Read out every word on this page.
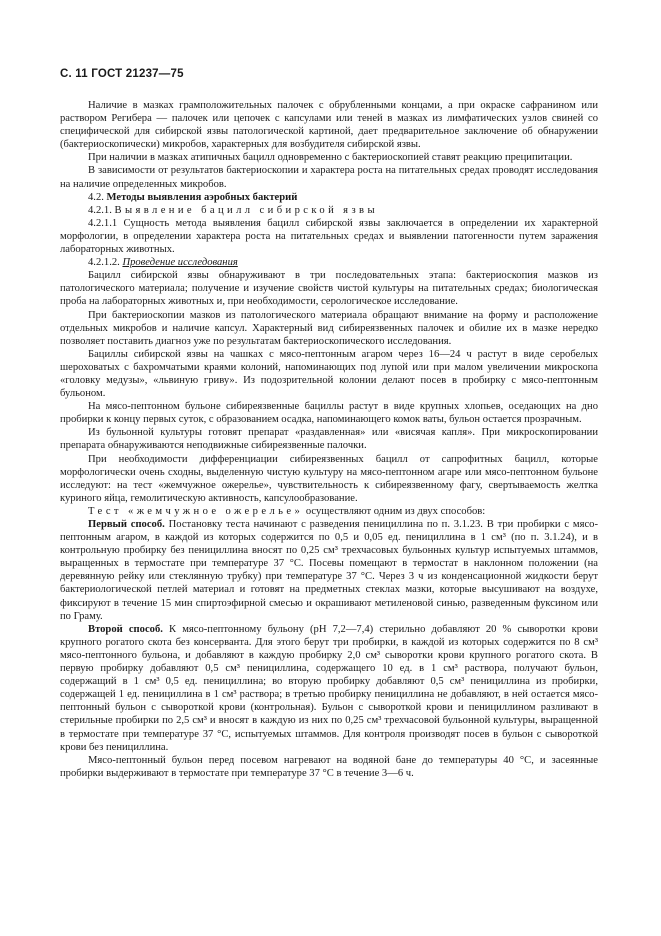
С. 11 ГОСТ 21237—75

Наличие в мазках грамположительных палочек с обрубленными концами, а при окраске сафранином или раствором Регибера — палочек или цепочек с капсулами или теней в мазках из лимфатических узлов свиней со специфической для сибирской язвы патологической картиной, дает предварительное заключение об обнаружении (бактериоскопически) микробов, характерных для возбудителя сибирской язвы.

При наличии в мазках атипичных бацилл одновременно с бактериоскопией ставят реакцию преципитации.

В зависимости от результатов бактериоскопии и характера роста на питательных средах проводят исследования на наличие определенных микробов.

4.2. Методы выявления аэробных бактерий

4.2.1. Выявление бацилл сибирской язвы

4.2.1.1 Сущность метода выявления бацилл сибирской язвы заключается в определении их характерной морфологии, в определении характера роста на питательных средах и выявлении патогенности путем заражения лабораторных животных.

4.2.1.2. Проведение исследования

Бацилл сибирской язвы обнаруживают в три последовательных этапа: бактериоскопия мазков из патологического материала; получение и изучение свойств чистой культуры на питательных средах; биологическая проба на лабораторных животных и, при необходимости, серологическое исследование.

При бактериоскопии мазков из патологического материала обращают внимание на форму и расположение отдельных микробов и наличие капсул. Характерный вид сибиреязвенных палочек и обилие их в мазке нередко позволяет поставить диагноз уже по результатам бактериоскопического исследования.

Бациллы сибирской язвы на чашках с мясо-пептонным агаром через 16—24 ч растут в виде серобелых шероховатых с бахромчатыми краями колоний, напоминающих под лупой или при малом увеличении микроскопа «головку медузы», «львиную гриву». Из подозрительной колонии делают посев в пробирку с мясо-пептонным бульоном.

На мясо-пептонном бульоне сибиреязвенные бациллы растут в виде крупных хлопьев, оседающих на дно пробирки к концу первых суток, с образованием осадка, напоминающего комок ваты, бульон остается прозрачным.

Из бульонной культуры готовят препарат «раздавленная» или «висячая капля». При микроскопировании препарата обнаруживаются неподвижные сибиреязвенные палочки.

При необходимости дифференциации сибиреязвенных бацилл от сапрофитных бацилл, которые морфологически очень сходны, выделенную чистую культуру на мясо-пептонном агаре или мясо-пептонном бульоне исследуют: на тест «жемчужное ожерелье», чувствительность к сибиреязвенному фагу, свертываемость желтка куриного яйца, гемолитическую активность, капсулообразование.

Тест «жемчужное ожерелье» осуществляют одним из двух способов:

Первый способ. Постановку теста начинают с разведения пенициллина по п. 3.1.23. В три пробирки с мясо-пептонным агаром, в каждой из которых содержится по 0,5 и 0,05 ед. пенициллина в 1 см³ (по п. 3.1.24), и в контрольную пробирку без пенициллина вносят по 0,25 см³ трехчасовых бульонных культур испытуемых штаммов, выращенных в термостате при температуре 37 °С. Посевы помещают в термостат в наклонном положении (на деревянную рейку или стеклянную трубку) при температуре 37 °С. Через 3 ч из конденсационной жидкости берут бактериологической петлей материал и готовят на предметных стеклах мазки, которые высушивают на воздухе, фиксируют в течение 15 мин спиртоэфирной смесью и окрашивают метиленовой синью, разведенным фуксином или по Граму.

Второй способ. К мясо-пептонному бульону (рН 7,2—7,4) стерильно добавляют 20 % сыворотки крови крупного рогатого скота без консерванта. Для этого берут три пробирки, в каждой из которых содержится по 8 см³ мясо-пептонного бульона, и добавляют в каждую пробирку 2,0 см³ сыворотки крови крупного рогатого скота. В первую пробирку добавляют 0,5 см³ пенициллина, содержащего 10 ед. в 1 см³ раствора, получают бульон, содержащий в 1 см³ 0,5 ед. пенициллина; во вторую пробирку добавляют 0,5 см³ пенициллина из пробирки, содержащей 1 ед. пенициллина в 1 см³ раствора; в третью пробирку пенициллина не добавляют, в ней остается мясо-пептонный бульон с сывороткой крови (контрольная). Бульон с сывороткой крови и пенициллином разливают в стерильные пробирки по 2,5 см³ и вносят в каждую из них по 0,25 см³ трехчасовой бульонной культуры, выращенной в термостате при температуре 37 °С, испытуемых штаммов. Для контроля производят посев в бульон с сывороткой крови без пенициллина.

Мясо-пептонный бульон перед посевом нагревают на водяной бане до температуры 40 °С, и засеянные пробирки выдерживают в термостате при температуре 37 °С в течение 3—6 ч.
